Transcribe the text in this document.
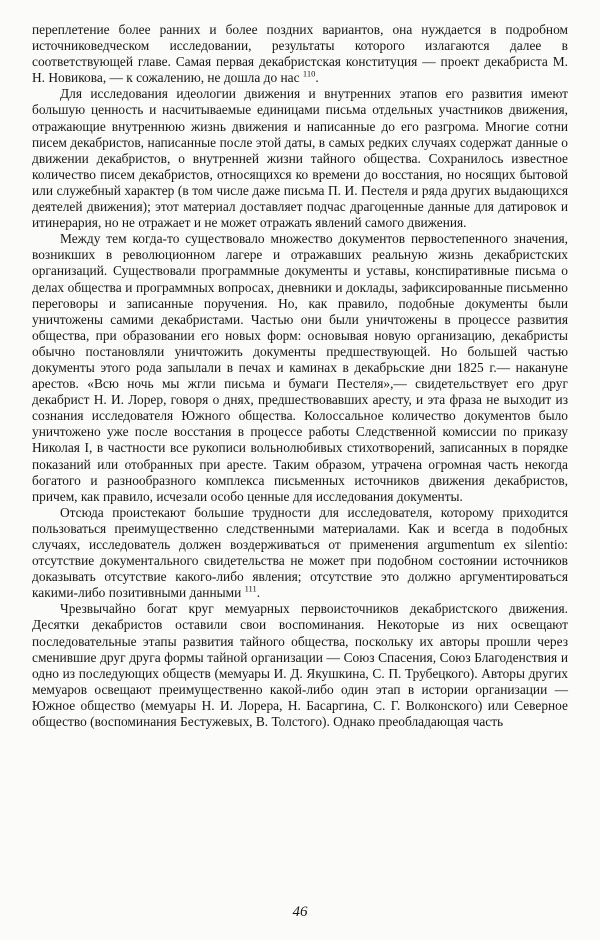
переплетение более ранних и более поздних вариантов, она нуждается в подробном источниковедческом исследовании, результаты которого излагаются далее в соответствующей главе. Самая первая декабристская конституция — проект декабриста М. Н. Новикова, — к сожалению, не дошла до нас $^{110}$.

Для исследования идеологии движения и внутренних этапов его развития имеют большую ценность и насчитываемые единицами письма отдельных участников движения, отражающие внутреннюю жизнь движения и написанные до его разгрома. Многие сотни писем декабристов, написанные после этой даты, в самых редких случаях содержат данные о движении декабристов, о внутренней жизни тайного общества. Сохранилось известное количество писем декабристов, относящихся ко времени до восстания, но носящих бытовой или служебный характер (в том числе даже письма П. И. Пестеля и ряда других выдающихся деятелей движения); этот материал доставляет подчас драгоценные данные для датировок и итинерария, но не отражает и не может отражать явлений самого движения.

Между тем когда-то существовало множество документов первостепенного значения, возникших в революционном лагере и отражавших реальную жизнь декабристских организаций. Существовали программные документы и уставы, конспиративные письма о делах общества и программных вопросах, дневники и доклады, зафиксированные письменно переговоры и записанные поручения. Но, как правило, подобные документы были уничтожены самими декабристами. Частью они были уничтожены в процессе развития общества, при образовании его новых форм: основывая новую организацию, декабристы обычно постановляли уничтожить документы предшествующей. Но большей частью документы этого рода запылали в печах и каминах в декабрьские дни 1825 г.— накануне арестов. «Всю ночь мы жгли письма и бумаги Пестеля»,— свидетельствует его друг декабрист Н. И. Лорер, говоря о днях, предшествовавших аресту, и эта фраза не выходит из сознания исследователя Южного общества. Колоссальное количество документов было уничтожено уже после восстания в процессе работы Следственной комиссии по приказу Николая I, в частности все рукописи вольнолюбивых стихотворений, записанных в порядке показаний или отобранных при аресте. Таким образом, утрачена огромная часть некогда богатого и разнообразного комплекса письменных источников движения декабристов, причем, как правило, исчезали особо ценные для исследования документы.

Отсюда проистекают большие трудности для исследователя, которому приходится пользоваться преимущественно следственными материалами. Как и всегда в подобных случаях, исследователь должен воздерживаться от применения argumentum ex silentio: отсутствие документального свидетельства не может при подобном состоянии источников доказывать отсутствие какого-либо явления; отсутствие это должно аргументироваться какими-либо позитивными данными $^{111}$.

Чрезвычайно богат круг мемуарных первоисточников декабристского движения. Десятки декабристов оставили свои воспоминания. Некоторые из них освещают последовательные этапы развития тайного общества, поскольку их авторы прошли через сменившие друг друга формы тайной организации — Союз Спасения, Союз Благоденствия и одно из последующих обществ (мемуары И. Д. Якушкина, С. П. Трубецкого). Авторы других мемуаров освещают преимущественно какой-либо один этап в истории организации — Южное общество (мемуары Н. И. Лорера, Н. Басаргина, С. Г. Волконского) или Северное общество (воспоминания Бестужевых, В. Толстого). Однако преобладающая часть

46
